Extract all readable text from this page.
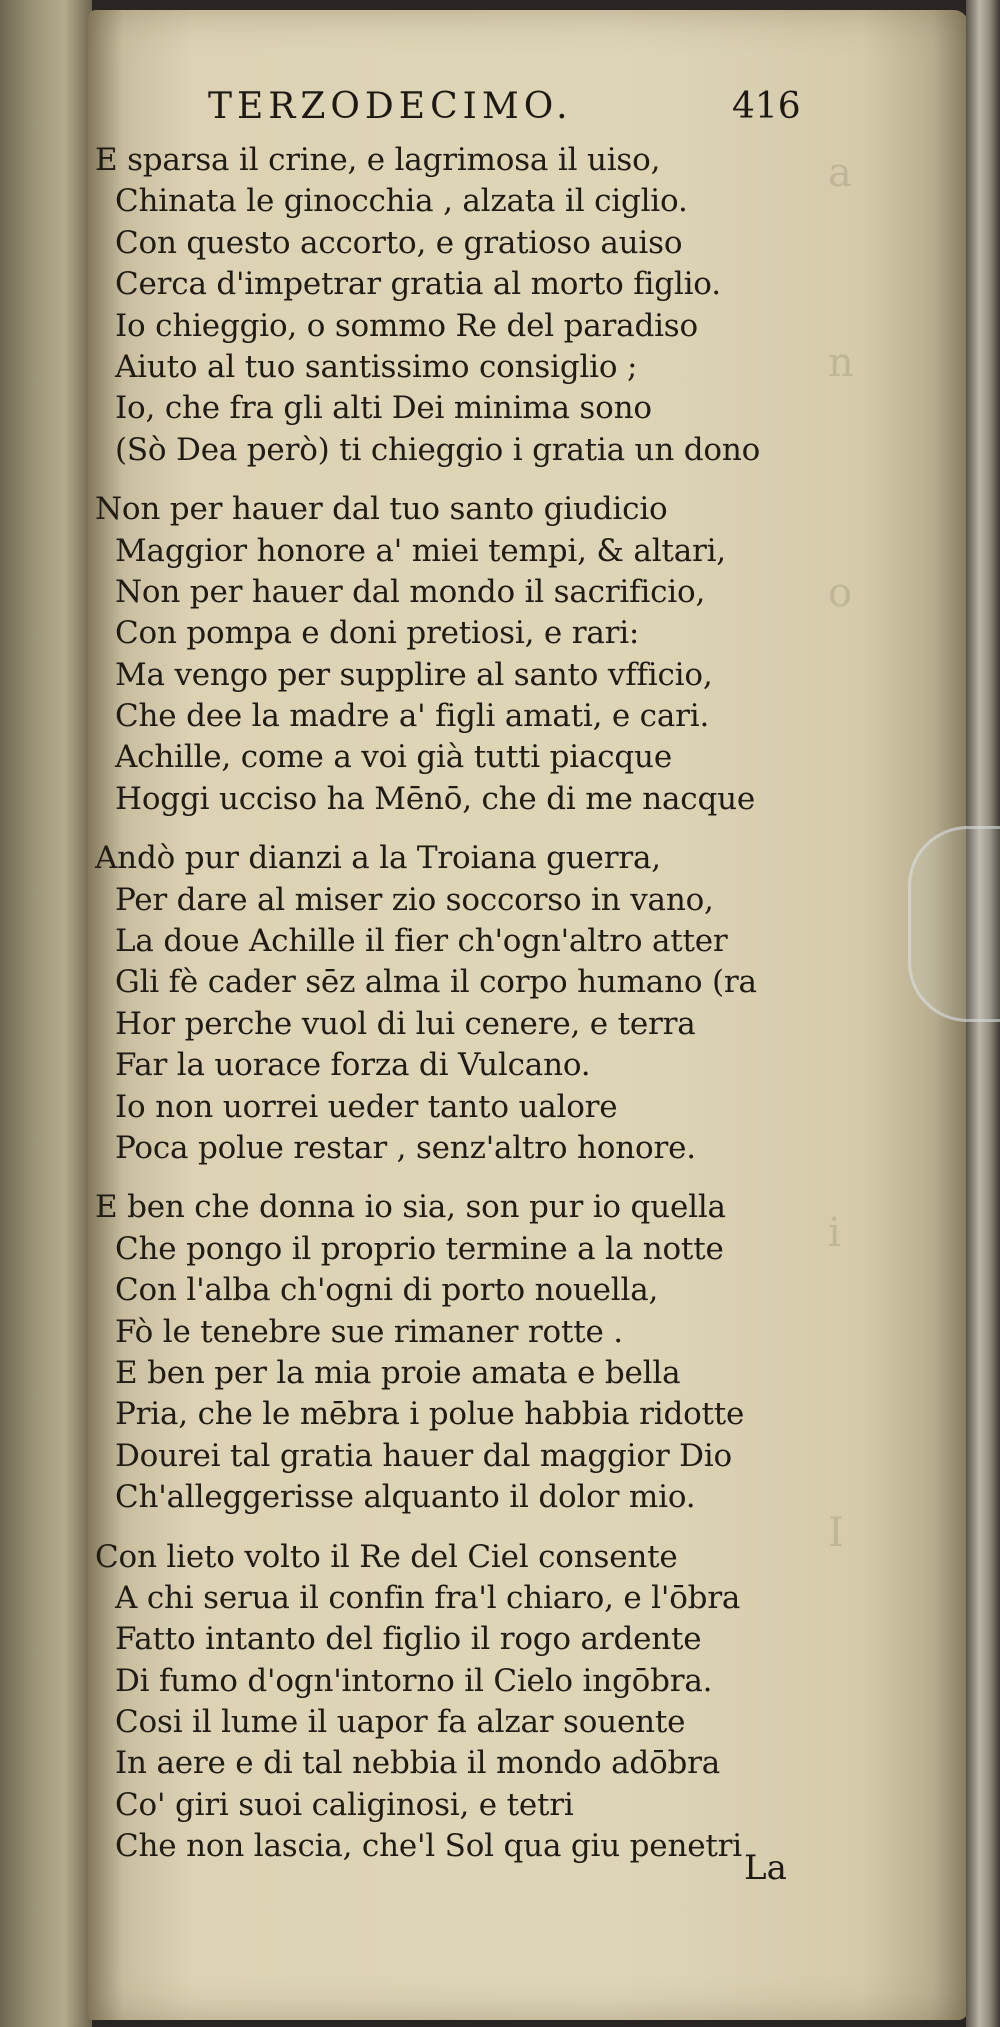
a
n
o
i
I
TERZODECIMO.	416
E sparsa il crine, e lagrimosa il uiso,
Chinata le ginocchia , alzata il ciglio.
Con questo accorto, e gratioso auiso
Cerca d'impetrar gratia al morto figlio.
Io chieggio, o sommo Re del paradiso
Aiuto al tuo santissimo consiglio ;
Io, che fra gli alti Dei minima sono
(Sò Dea però) ti chieggio i gratia un dono
Non per hauer dal tuo santo giudicio
Maggior honore a' miei tempi, & altari,
Non per hauer dal mondo il sacrificio,
Con pompa e doni pretiosi, e rari:
Ma vengo per supplire al santo vfficio,
Che dee la madre a' figli amati, e cari.
Achille, come a voi già tutti piacque
Hoggi ucciso ha Mēnō, che di me nacque
Andò pur dianzi a la Troiana guerra,
Per dare al miser zio soccorso in vano,
La doue Achille il fier ch'ogn'altro atter
Gli fè cader sēz alma il corpo humano (ra
Hor perche vuol di lui cenere, e terra
Far la uorace forza di Vulcano.
Io non uorrei ueder tanto ualore
Poca polue restar , senz'altro honore.
E ben che donna io sia, son pur io quella
Che pongo il proprio termine a la notte
Con l'alba ch'ogni di porto nouella,
Fò le tenebre sue rimaner rotte .
E ben per la mia proie amata e bella
Pria, che le mēbra i polue habbia ridotte
Dourei tal gratia hauer dal maggior Dio
Ch'alleggerisse alquanto il dolor mio.
Con lieto volto il Re del Ciel consente
A chi serua il confin fra'l chiaro, e l'ōbra
Fatto intanto del figlio il rogo ardente
Di fumo d'ogn'intorno il Cielo ingōbra.
Cosi il lume il uapor fa alzar souente
In aere e di tal nebbia il mondo adōbra
Co' giri suoi caliginosi, e tetri
Che non lascia, che'l Sol qua giu penetri
La
